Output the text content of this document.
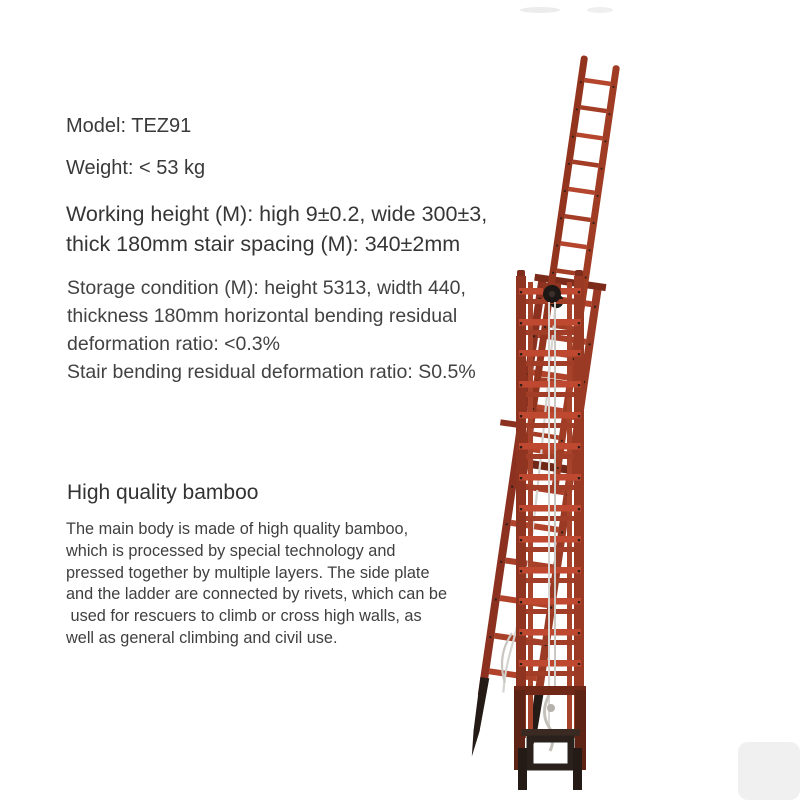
Model: TEZ91
Weight: < 53 kg
Working height (M): high 9±0.2, wide 300±3,
thick 180mm stair spacing (M): 340±2mm
Storage condition (M): height 5313, width 440,
thickness 180mm horizontal bending residual
deformation ratio: <0.3%
Stair bending residual deformation ratio: S0.5%
High quality bamboo
The main body is made of high quality bamboo,
which is processed by special technology and
pressed together by multiple layers. The side plate
and the ladder are connected by rivets, which can be
used for rescuers to climb or cross high walls, as
well as general climbing and civil use.
